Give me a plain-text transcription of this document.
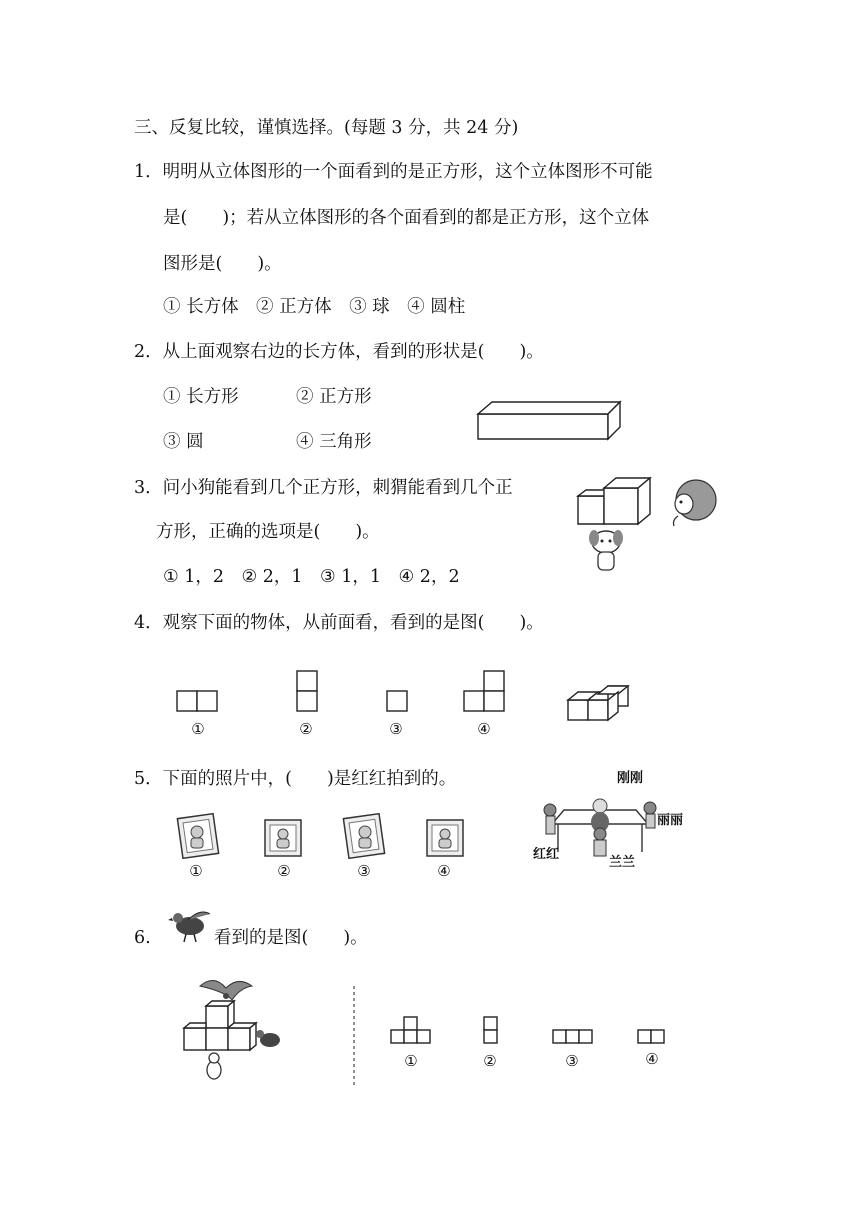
三、反复比较，谨慎选择。(每题 3 分，共 24 分)
1．明明从立体图形的一个面看到的是正方形，这个立体图形不可能
是(　　)；若从立体图形的各个面看到的都是正方形，这个立体
图形是(　　)。
① 长方体　② 正方体　③ 球　④ 圆柱
2．从上面观察右边的长方体，看到的形状是(　　)。
① 长方形	② 正方形
③ 圆	④ 三角形
3．问小狗能看到几个正方形，刺猬能看到几个正
方形，正确的选项是(　　)。
① 1，2　② 2，1　③ 1，1　④ 2，2
4．观察下面的物体，从前面看，看到的是图(　　)。
①	②	③	④
5．下面的照片中，(　　)是红红拍到的。
①	②	③	④
刚刚
丽丽
红红
兰兰
6.	看到的是图(　　)。
①	②	③	④
